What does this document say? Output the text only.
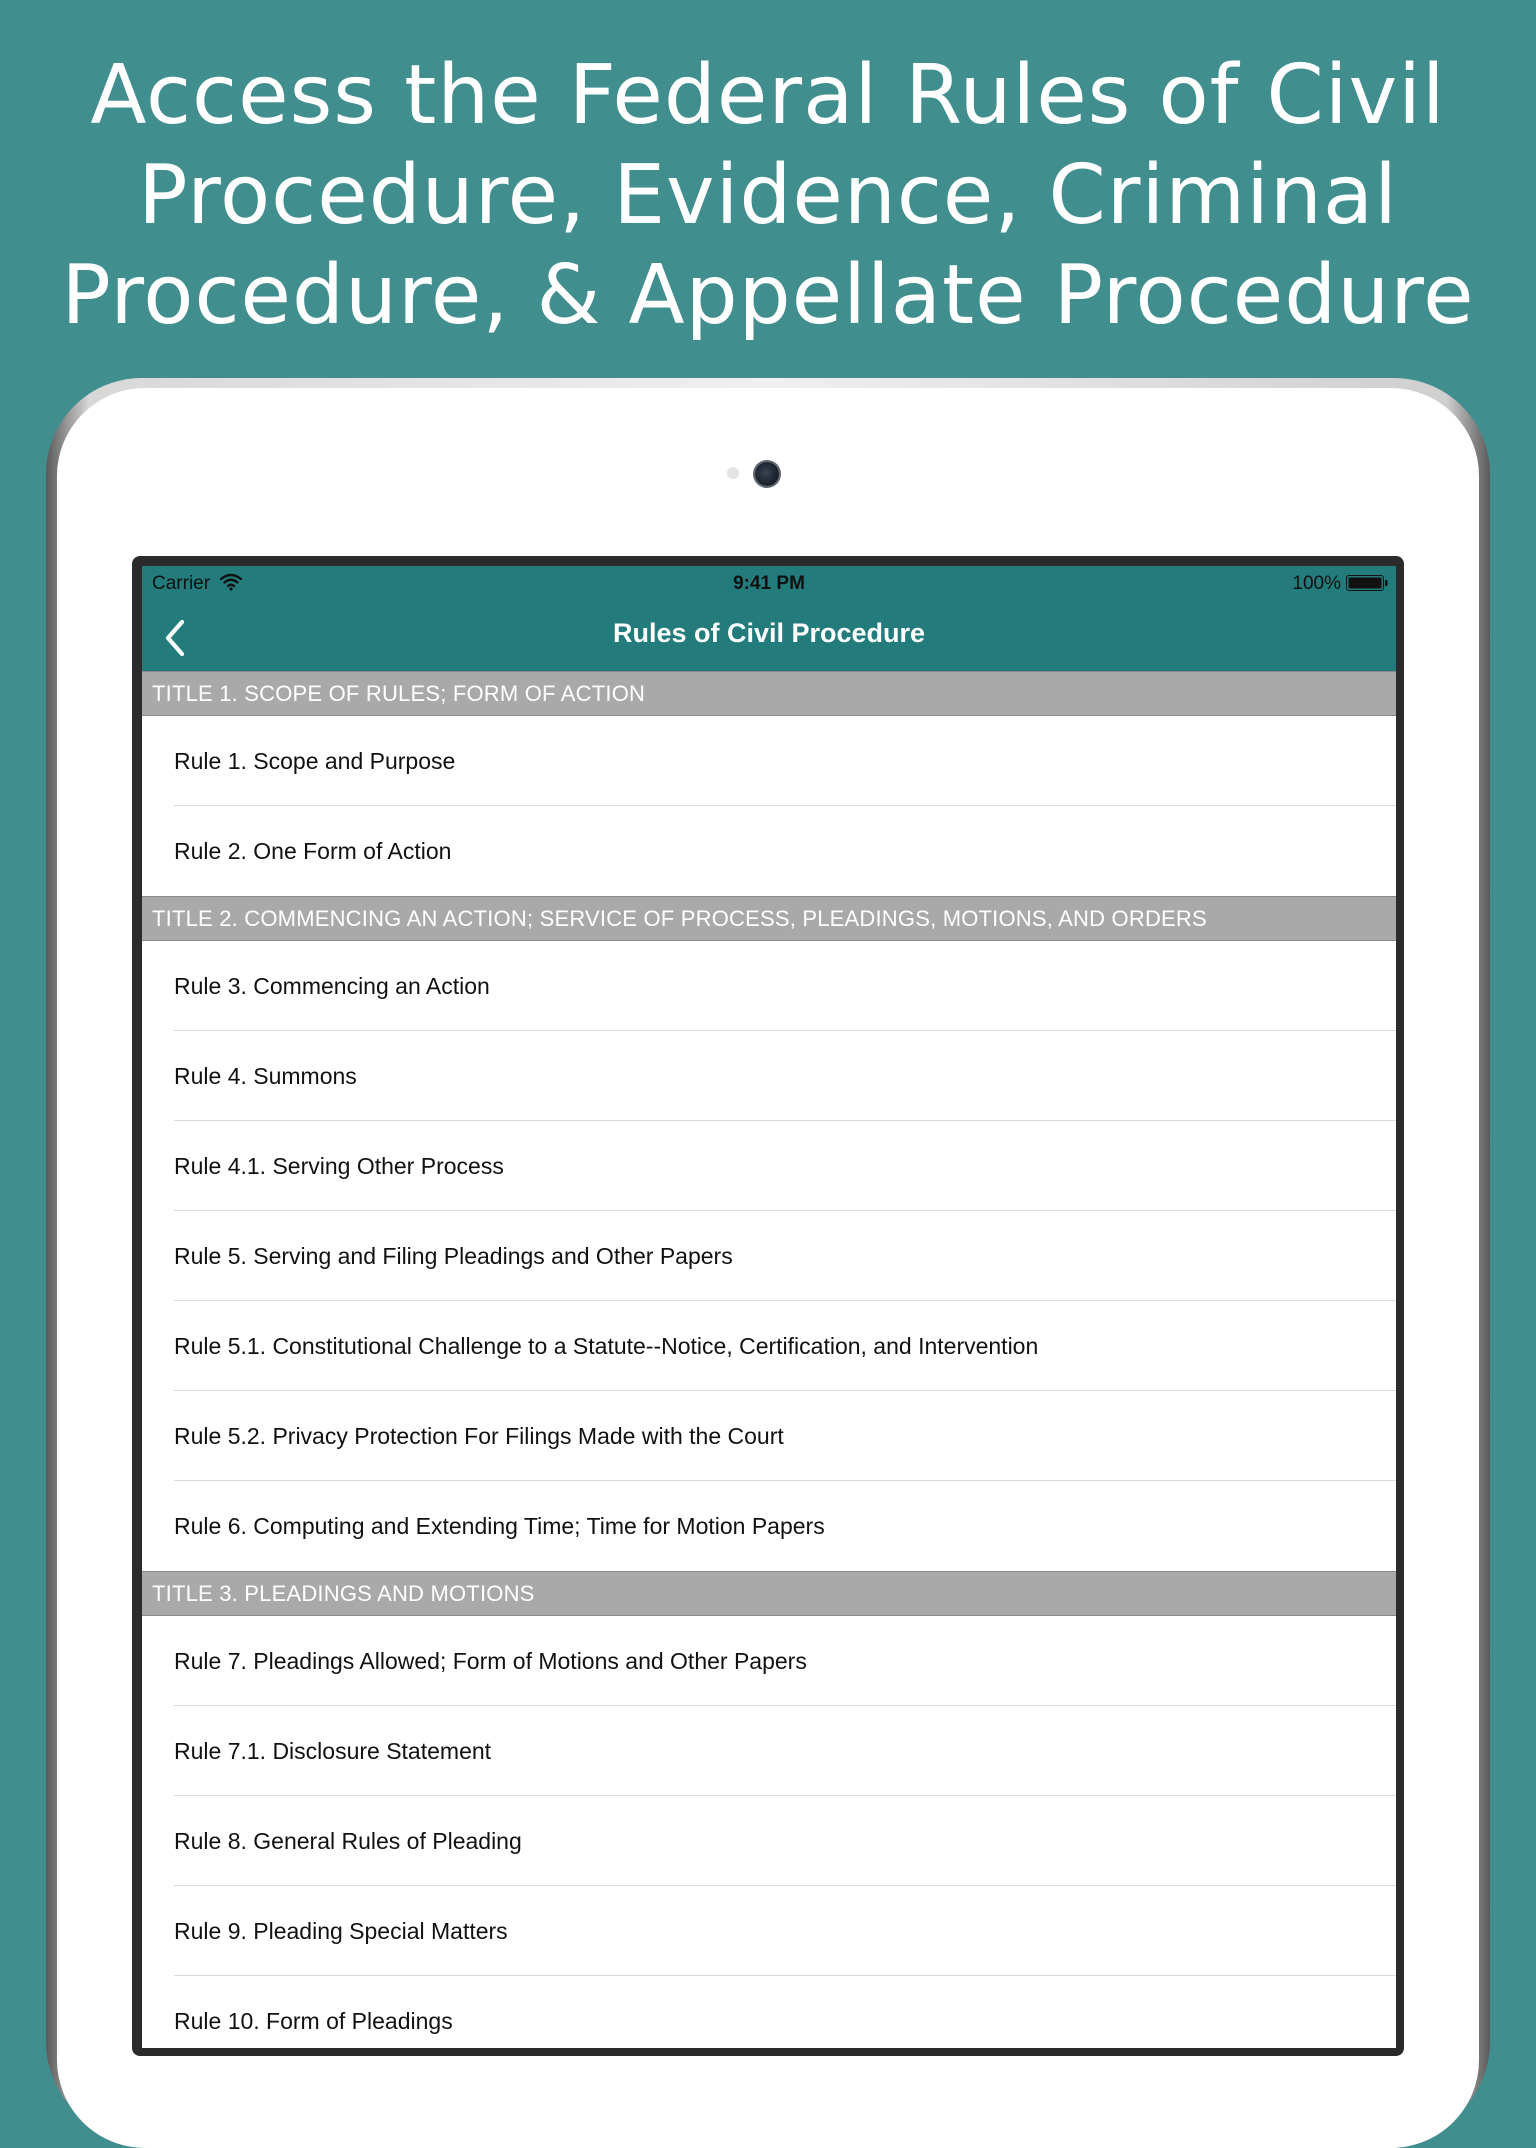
Access the Federal Rules of Civil
Procedure, Evidence, Criminal
Procedure, & Appellate Procedure
Carrier	9:41 PM	100%
Rules of Civil Procedure
TITLE 1. SCOPE OF RULES; FORM OF ACTION
Rule 1. Scope and Purpose
Rule 2. One Form of Action
TITLE 2. COMMENCING AN ACTION; SERVICE OF PROCESS, PLEADINGS, MOTIONS, AND ORDERS
Rule 3. Commencing an Action
Rule 4. Summons
Rule 4.1. Serving Other Process
Rule 5. Serving and Filing Pleadings and Other Papers
Rule 5.1. Constitutional Challenge to a Statute--Notice, Certification, and Intervention
Rule 5.2. Privacy Protection For Filings Made with the Court
Rule 6. Computing and Extending Time; Time for Motion Papers
TITLE 3. PLEADINGS AND MOTIONS
Rule 7. Pleadings Allowed; Form of Motions and Other Papers
Rule 7.1. Disclosure Statement
Rule 8. General Rules of Pleading
Rule 9. Pleading Special Matters
Rule 10. Form of Pleadings
